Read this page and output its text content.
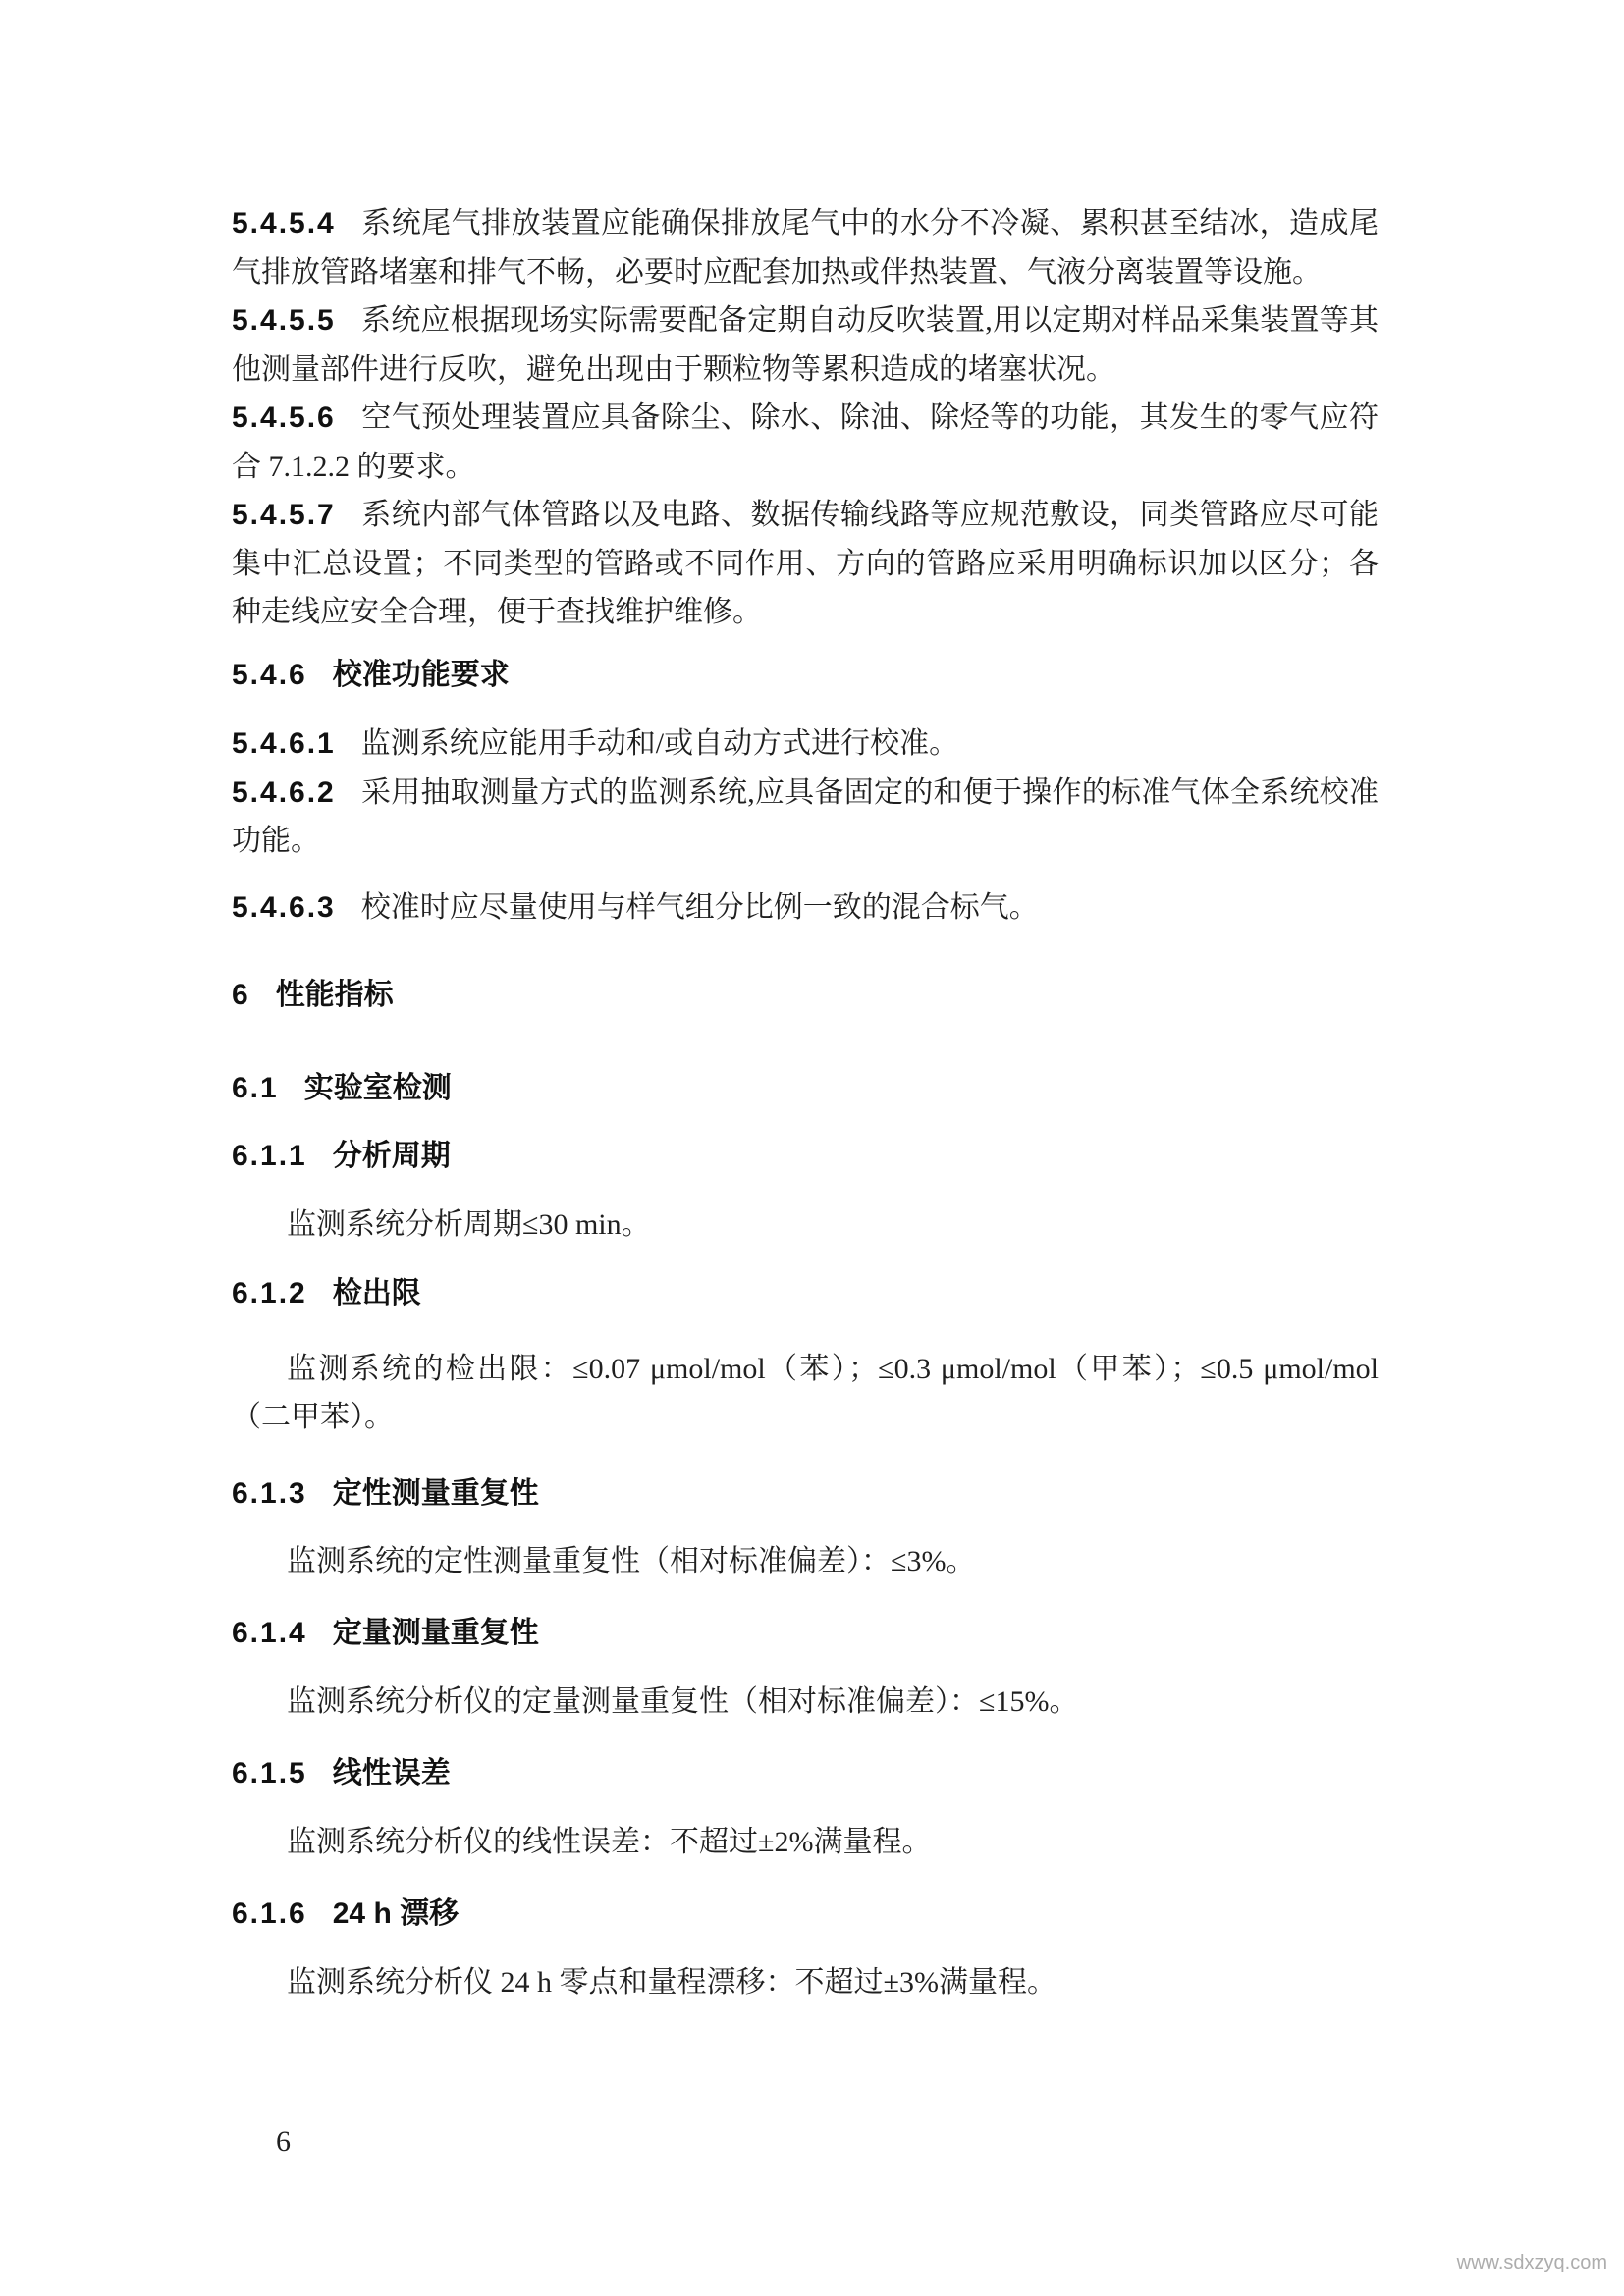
5.4.5.4 系统尾气排放装置应能确保排放尾气中的水分不冷凝、累积甚至结冰，造成尾气排放管路堵塞和排气不畅，必要时应配套加热或伴热装置、气液分离装置等设施。

5.4.5.5 系统应根据现场实际需要配备定期自动反吹装置,用以定期对样品采集装置等其他测量部件进行反吹，避免出现由于颗粒物等累积造成的堵塞状况。

5.4.5.6 空气预处理装置应具备除尘、除水、除油、除烃等的功能，其发生的零气应符合 7.1.2.2 的要求。

5.4.5.7 系统内部气体管路以及电路、数据传输线路等应规范敷设，同类管路应尽可能集中汇总设置；不同类型的管路或不同作用、方向的管路应采用明确标识加以区分；各种走线应安全合理，便于查找维护维修。

5.4.6 校准功能要求

5.4.6.1 监测系统应能用手动和/或自动方式进行校准。

5.4.6.2 采用抽取测量方式的监测系统,应具备固定的和便于操作的标准气体全系统校准功能。

5.4.6.3 校准时应尽量使用与样气组分比例一致的混合标气。

6 性能指标
6.1 实验室检测
6.1.1 分析周期

监测系统分析周期≤30 min。

6.1.2 检出限

监测系统的检出限：≤0.07 μmol/mol（苯）；≤0.3 μmol/mol（甲苯）；≤0.5 μmol/mol（二甲苯）。

6.1.3 定性测量重复性

监测系统的定性测量重复性（相对标准偏差）：≤3%。

6.1.4 定量测量重复性

监测系统分析仪的定量测量重复性（相对标准偏差）：≤15%。

6.1.5 线性误差

监测系统分析仪的线性误差：不超过±2%满量程。

6.1.6 24 h 漂移

监测系统分析仪 24 h 零点和量程漂移：不超过±3%满量程。

6
www.sdxzyq.com
